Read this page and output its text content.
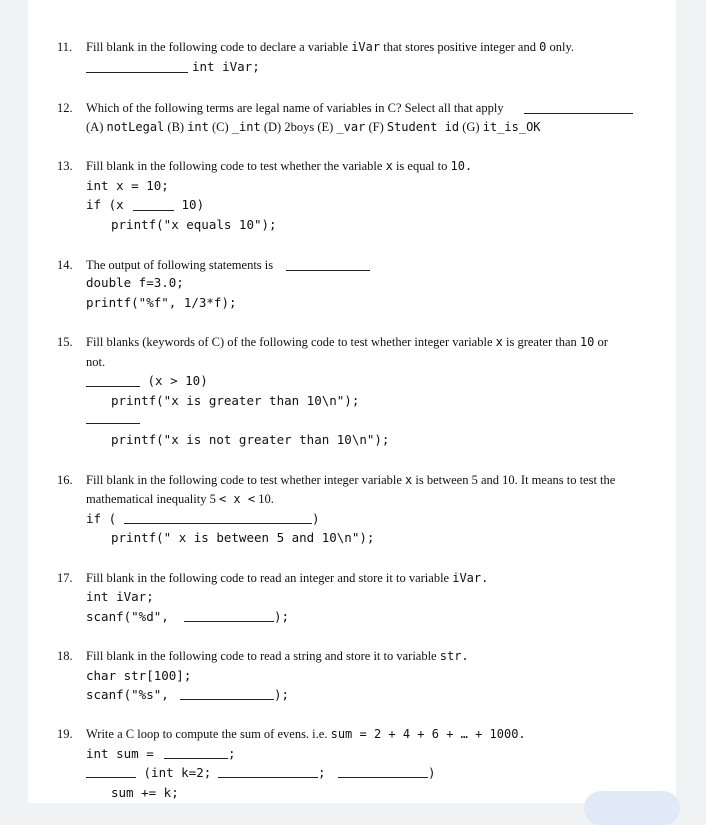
11. Fill blank in the following code to declare a variable iVar that stores positive integer and 0 only.
int iVar;
12. Which of the following terms are legal name of variables in C? Select all that apply
(A) notLegal (B) int (C) _int (D) 2boys (E) _var (F) Student id (G) it_is_OK
13. Fill blank in the following code to test whether the variable x is equal to 10.
int x = 10;
if (x	10)
printf("x equals 10");
14. The output of following statements is
double f=3.0;
printf("%f", 1/3*f);
15. Fill blanks (keywords of C) of the following code to test whether integer variable x is greater than 10 or
not.
(x > 10)
printf("x is greater than 10\n");
printf("x is not greater than 10\n");
16. Fill blank in the following code to test whether integer variable x is between 5 and 10. It means to test the
mathematical inequality 5 < x < 10.
if (	)
printf(" x is between 5 and 10\n");
17. Fill blank in the following code to read an integer and store it to variable iVar.
int iVar;
scanf("%d",	);
18. Fill blank in the following code to read a string and store it to variable str.
char str[100];
scanf("%s",	);
19. Write a C loop to compute the sum of evens. i.e. sum = 2 + 4 + 6 + … + 1000.
int sum =	;
(int k=2;	;	)
sum += k;
